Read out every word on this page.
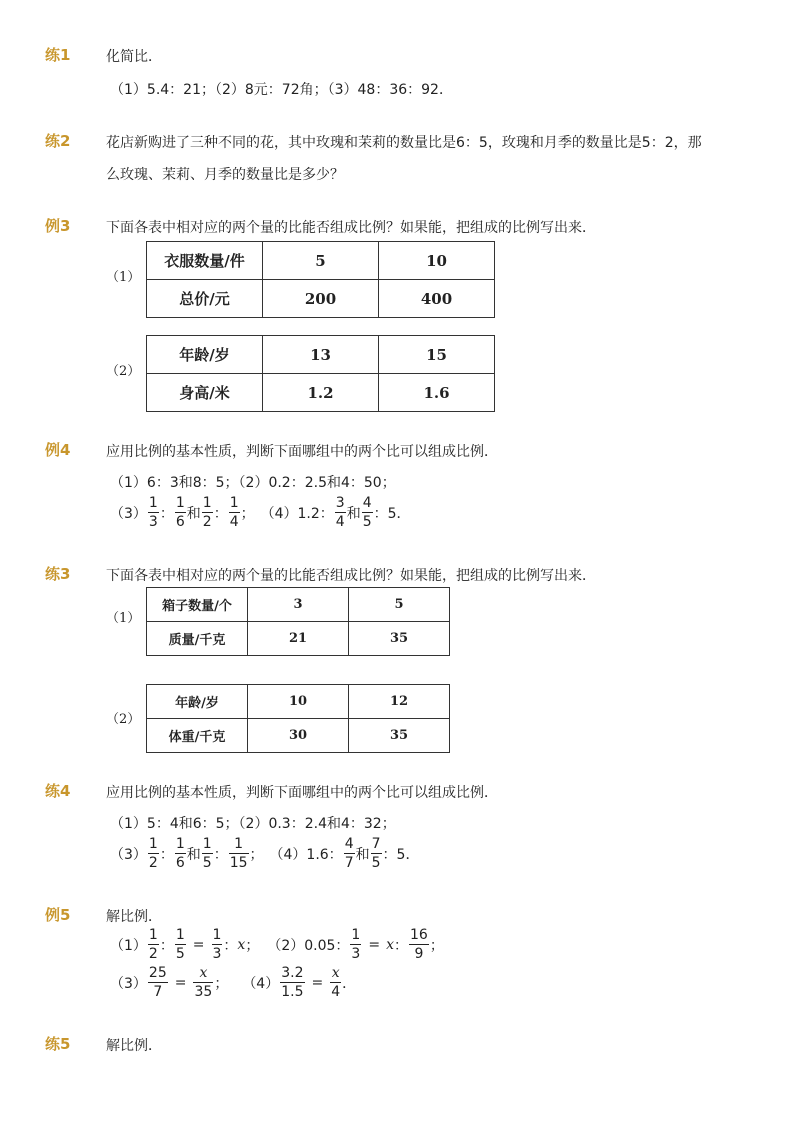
练1	化简比．
（1）5.4：21；（2）8元：72角；（3）48：36：92．
练2	花店新购进了三种不同的花，其中玫瑰和茉莉的数量比是6：5，玫瑰和月季的数量比是5：2，那
么玫瑰、茉莉、月季的数量比是多少？
例3	下面各表中相对应的两个量的比能否组成比例？如果能，把组成的比例写出来．
（1）
衣服数量/件	5	10
总价/元	200	400
（2）
年龄/岁	13	15
身高/米	1.2	1.6
例4	应用比例的基本性质，判断下面哪组中的两个比可以组成比例．
（1）6：3和8：5；（2）0.2：2.5和4：50；
$(3) \frac{1}{3}$ ： $\frac{1}{6}$ 和 $\frac{1}{2}$ ： $\frac{1}{4}$ ； （4）1.2： $\frac{3}{4}$ 和 $\frac{4}{5}$ ：5．
练3	下面各表中相对应的两个量的比能否组成比例？如果能，把组成的比例写出来．
（1）
箱子数量/个	3	5
质量/千克	21	35
（2）
年龄/岁	10	12
体重/千克	30	35
练4	应用比例的基本性质，判断下面哪组中的两个比可以组成比例．
（1）5：4和6：5；（2）0.3：2.4和4：32；
$(3) \frac{1}{2}$ ： $\frac{1}{6}$ 和 $\frac{1}{5}$ ： $\frac{1}{15}$ ； （4）1.6： $\frac{4}{7}$ 和 $\frac{7}{5}$ ：5．
例5	解比例．
$(1) \frac{1}{2}$ ： $\frac{1}{5} = \frac{1}{3}$ ： x ； （2）0.05： $\frac{1}{3} = x$ ： $\frac{16}{9}$ ；
$(3) \frac{25}{7} = \frac{x}{35}$ ； $(4) \frac{3.2}{1.5} = \frac{x}{4}$ ．
练5	解比例．
